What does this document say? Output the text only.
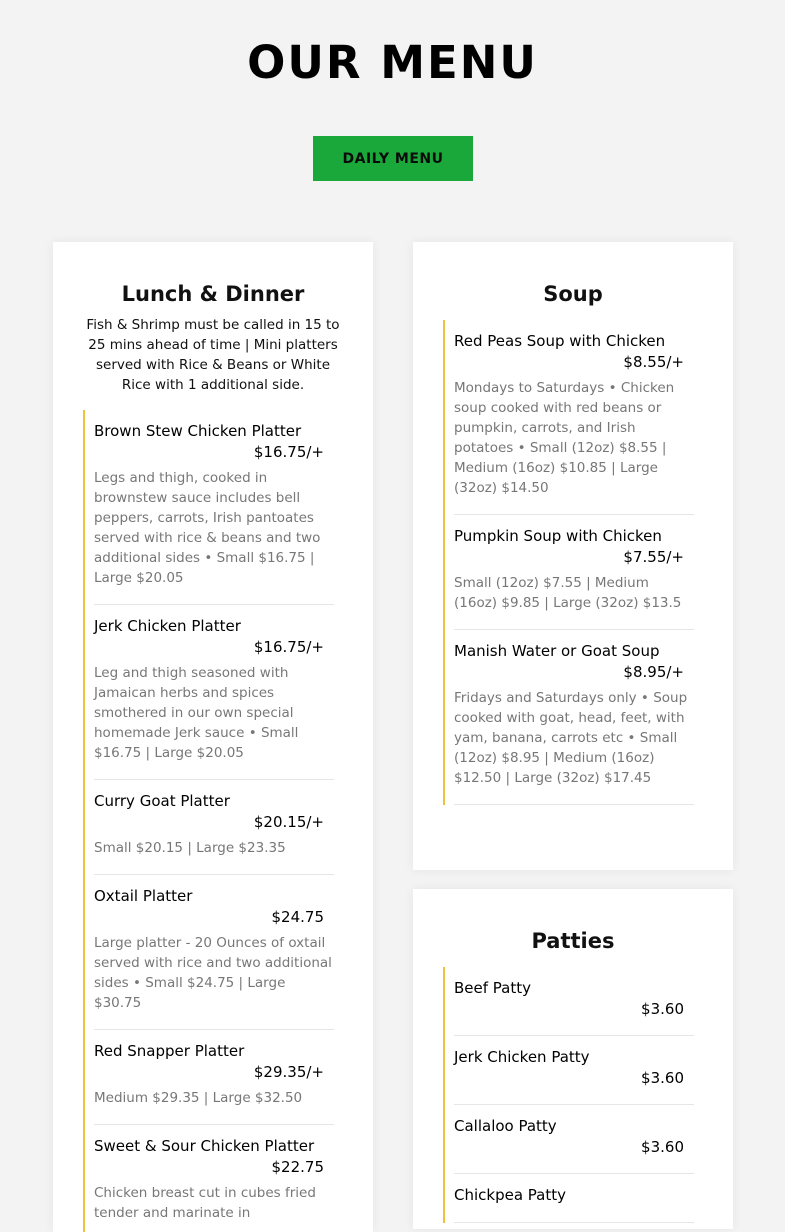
OUR MENU
DAILY MENU
Lunch & Dinner
Fish & Shrimp must be called in 15 to 25 mins ahead of time | Mini platters served with Rice & Beans or White Rice with 1 additional side.
Brown Stew Chicken Platter
$16.75/+
Legs and thigh, cooked in brownstew sauce includes bell peppers, carrots, Irish pantoates served with rice & beans and two additional sides • Small $16.75 | Large $20.05
Jerk Chicken Platter
$16.75/+
Leg and thigh seasoned with Jamaican herbs and spices smothered in our own special homemade Jerk sauce • Small $16.75 | Large $20.05
Curry Goat Platter
$20.15/+
Small $20.15 | Large $23.35
Oxtail Platter
$24.75
Large platter - 20 Ounces of oxtail served with rice and two additional sides • Small $24.75 | Large $30.75
Red Snapper Platter
$29.35/+
Medium $29.35 | Large $32.50
Sweet & Sour Chicken Platter
$22.75
Chicken breast cut in cubes fried tender and marinate in
Soup
Red Peas Soup with Chicken
$8.55/+
Mondays to Saturdays • Chicken soup cooked with red beans or pumpkin, carrots, and Irish potatoes • Small (12oz) $8.55 | Medium (16oz) $10.85 | Large (32oz) $14.50
Pumpkin Soup with Chicken
$7.55/+
Small (12oz) $7.55 | Medium (16oz) $9.85 | Large (32oz) $13.5
Manish Water or Goat Soup
$8.95/+
Fridays and Saturdays only • Soup cooked with goat, head, feet, with yam, banana, carrots etc • Small (12oz) $8.95 | Medium (16oz) $12.50 | Large (32oz) $17.45
Patties
Beef Patty
$3.60
Jerk Chicken Patty
$3.60
Callaloo Patty
$3.60
Chickpea Patty
